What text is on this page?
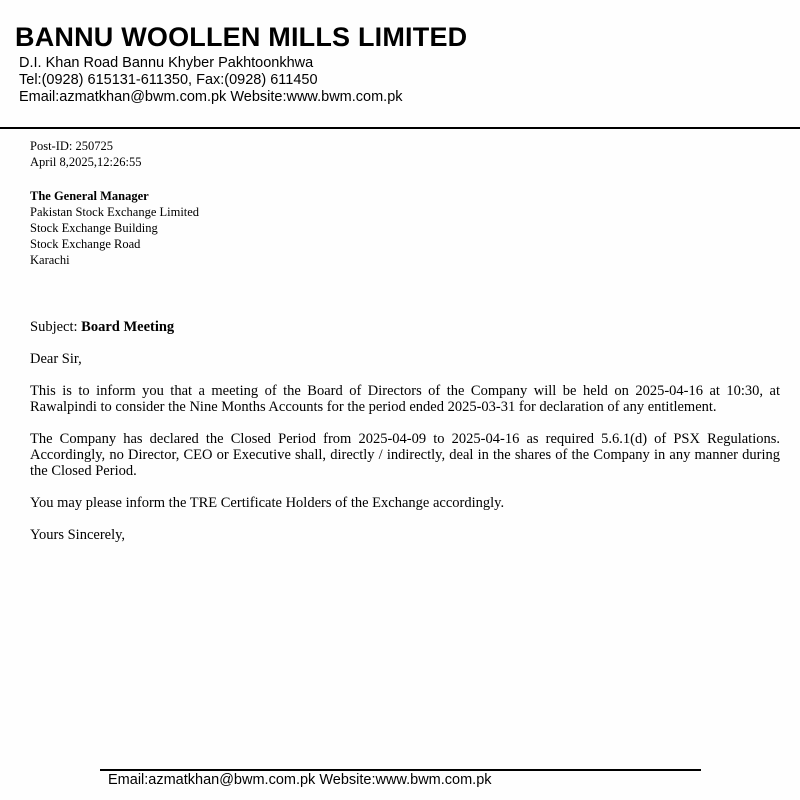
BANNU WOOLLEN MILLS LIMITED
D.I. Khan Road Bannu Khyber Pakhtoonkhwa
Tel:(0928) 615131-611350, Fax:(0928) 611450
Email:azmatkhan@bwm.com.pk Website:www.bwm.com.pk
Post-ID: 250725
April 8,2025,12:26:55
The General Manager
Pakistan Stock Exchange Limited
Stock Exchange Building
Stock Exchange Road
Karachi
Subject: Board Meeting
Dear Sir,
This is to inform you that a meeting of the Board of Directors of the Company will be held on 2025-04-16 at 10:30, at Rawalpindi to consider the Nine Months Accounts for the period ended 2025-03-31 for declaration of any entitlement.
The Company has declared the Closed Period from 2025-04-09 to 2025-04-16 as required 5.6.1(d) of PSX Regulations. Accordingly, no Director, CEO or Executive shall, directly / indirectly, deal in the shares of the Company in any manner during the Closed Period.
You may please inform the TRE Certificate Holders of the Exchange accordingly.
Yours Sincerely,
Email:azmatkhan@bwm.com.pk Website:www.bwm.com.pk
